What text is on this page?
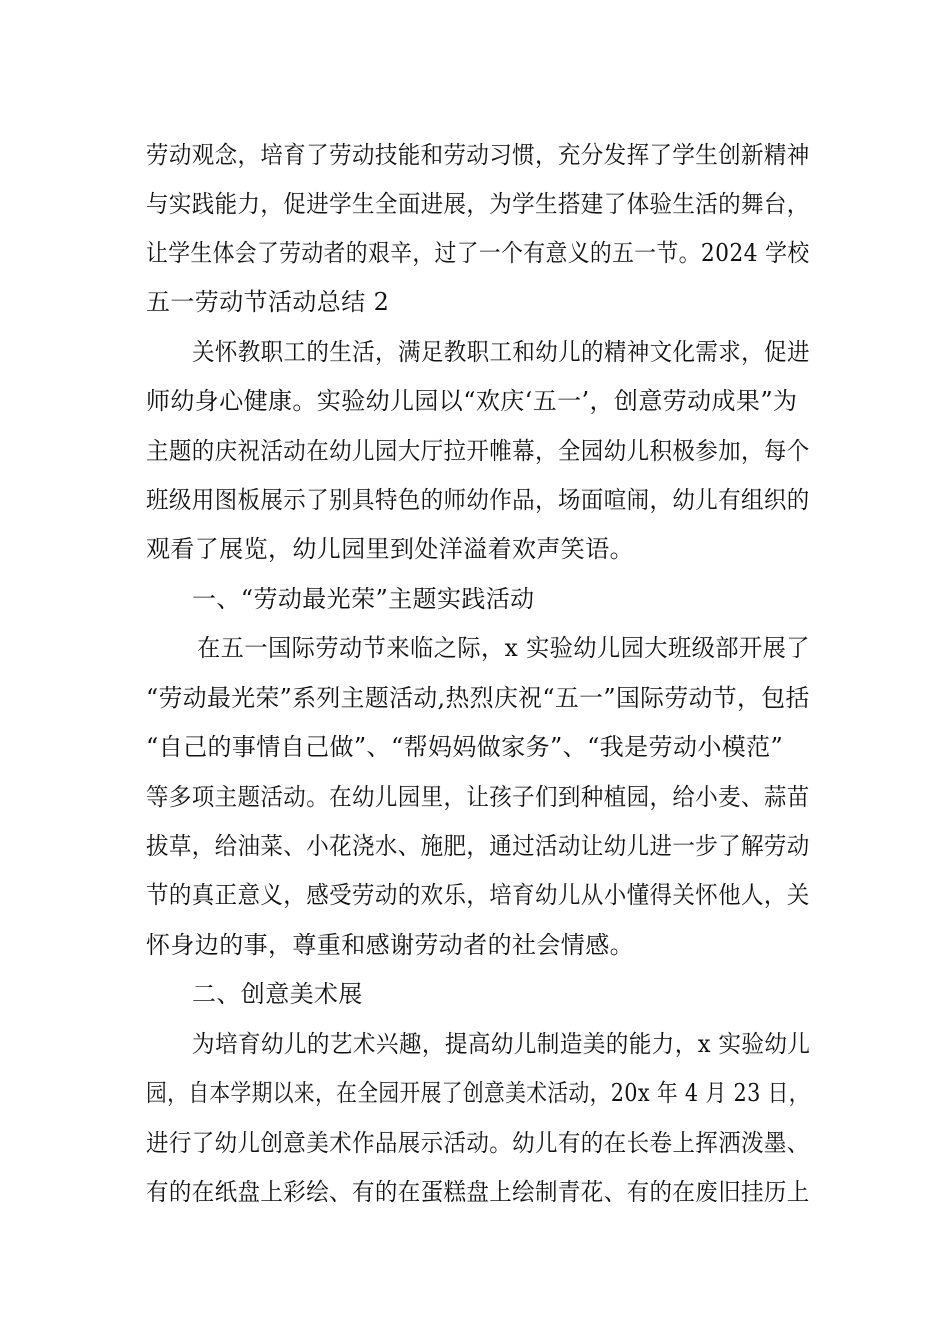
劳动观念，培育了劳动技能和劳动习惯，充分发挥了学生创新精神
与实践能力，促进学生全面进展，为学生搭建了体验生活的舞台，
让学生体会了劳动者的艰辛，过了一个有意义的五一节。2024 学校
五一劳动节活动总结 2
关怀教职工的生活，满足教职工和幼儿的精神文化需求，促进
师幼身心健康。实验幼儿园以“欢庆‘五一’，创意劳动成果”为
主题的庆祝活动在幼儿园大厅拉开帷幕，全园幼儿积极参加，每个
班级用图板展示了别具特色的师幼作品，场面喧闹，幼儿有组织的
观看了展览，幼儿园里到处洋溢着欢声笑语。
一、“劳动最光荣”主题实践活动
在五一国际劳动节来临之际，x 实验幼儿园大班级部开展了
“劳动最光荣”系列主题活动,热烈庆祝“五一”国际劳动节，包括
“自己的事情自己做”、“帮妈妈做家务”、“我是劳动小模范”
等多项主题活动。在幼儿园里，让孩子们到种植园，给小麦、蒜苗
拔草，给油菜、小花浇水、施肥，通过活动让幼儿进一步了解劳动
节的真正意义，感受劳动的欢乐，培育幼儿从小懂得关怀他人，关
怀身边的事，尊重和感谢劳动者的社会情感。
二、创意美术展
为培育幼儿的艺术兴趣，提高幼儿制造美的能力，x 实验幼儿
园，自本学期以来，在全园开展了创意美术活动，20x 年 4 月 23 日，
进行了幼儿创意美术作品展示活动。幼儿有的在长卷上挥洒泼墨、
有的在纸盘上彩绘、有的在蛋糕盘上绘制青花、有的在废旧挂历上
